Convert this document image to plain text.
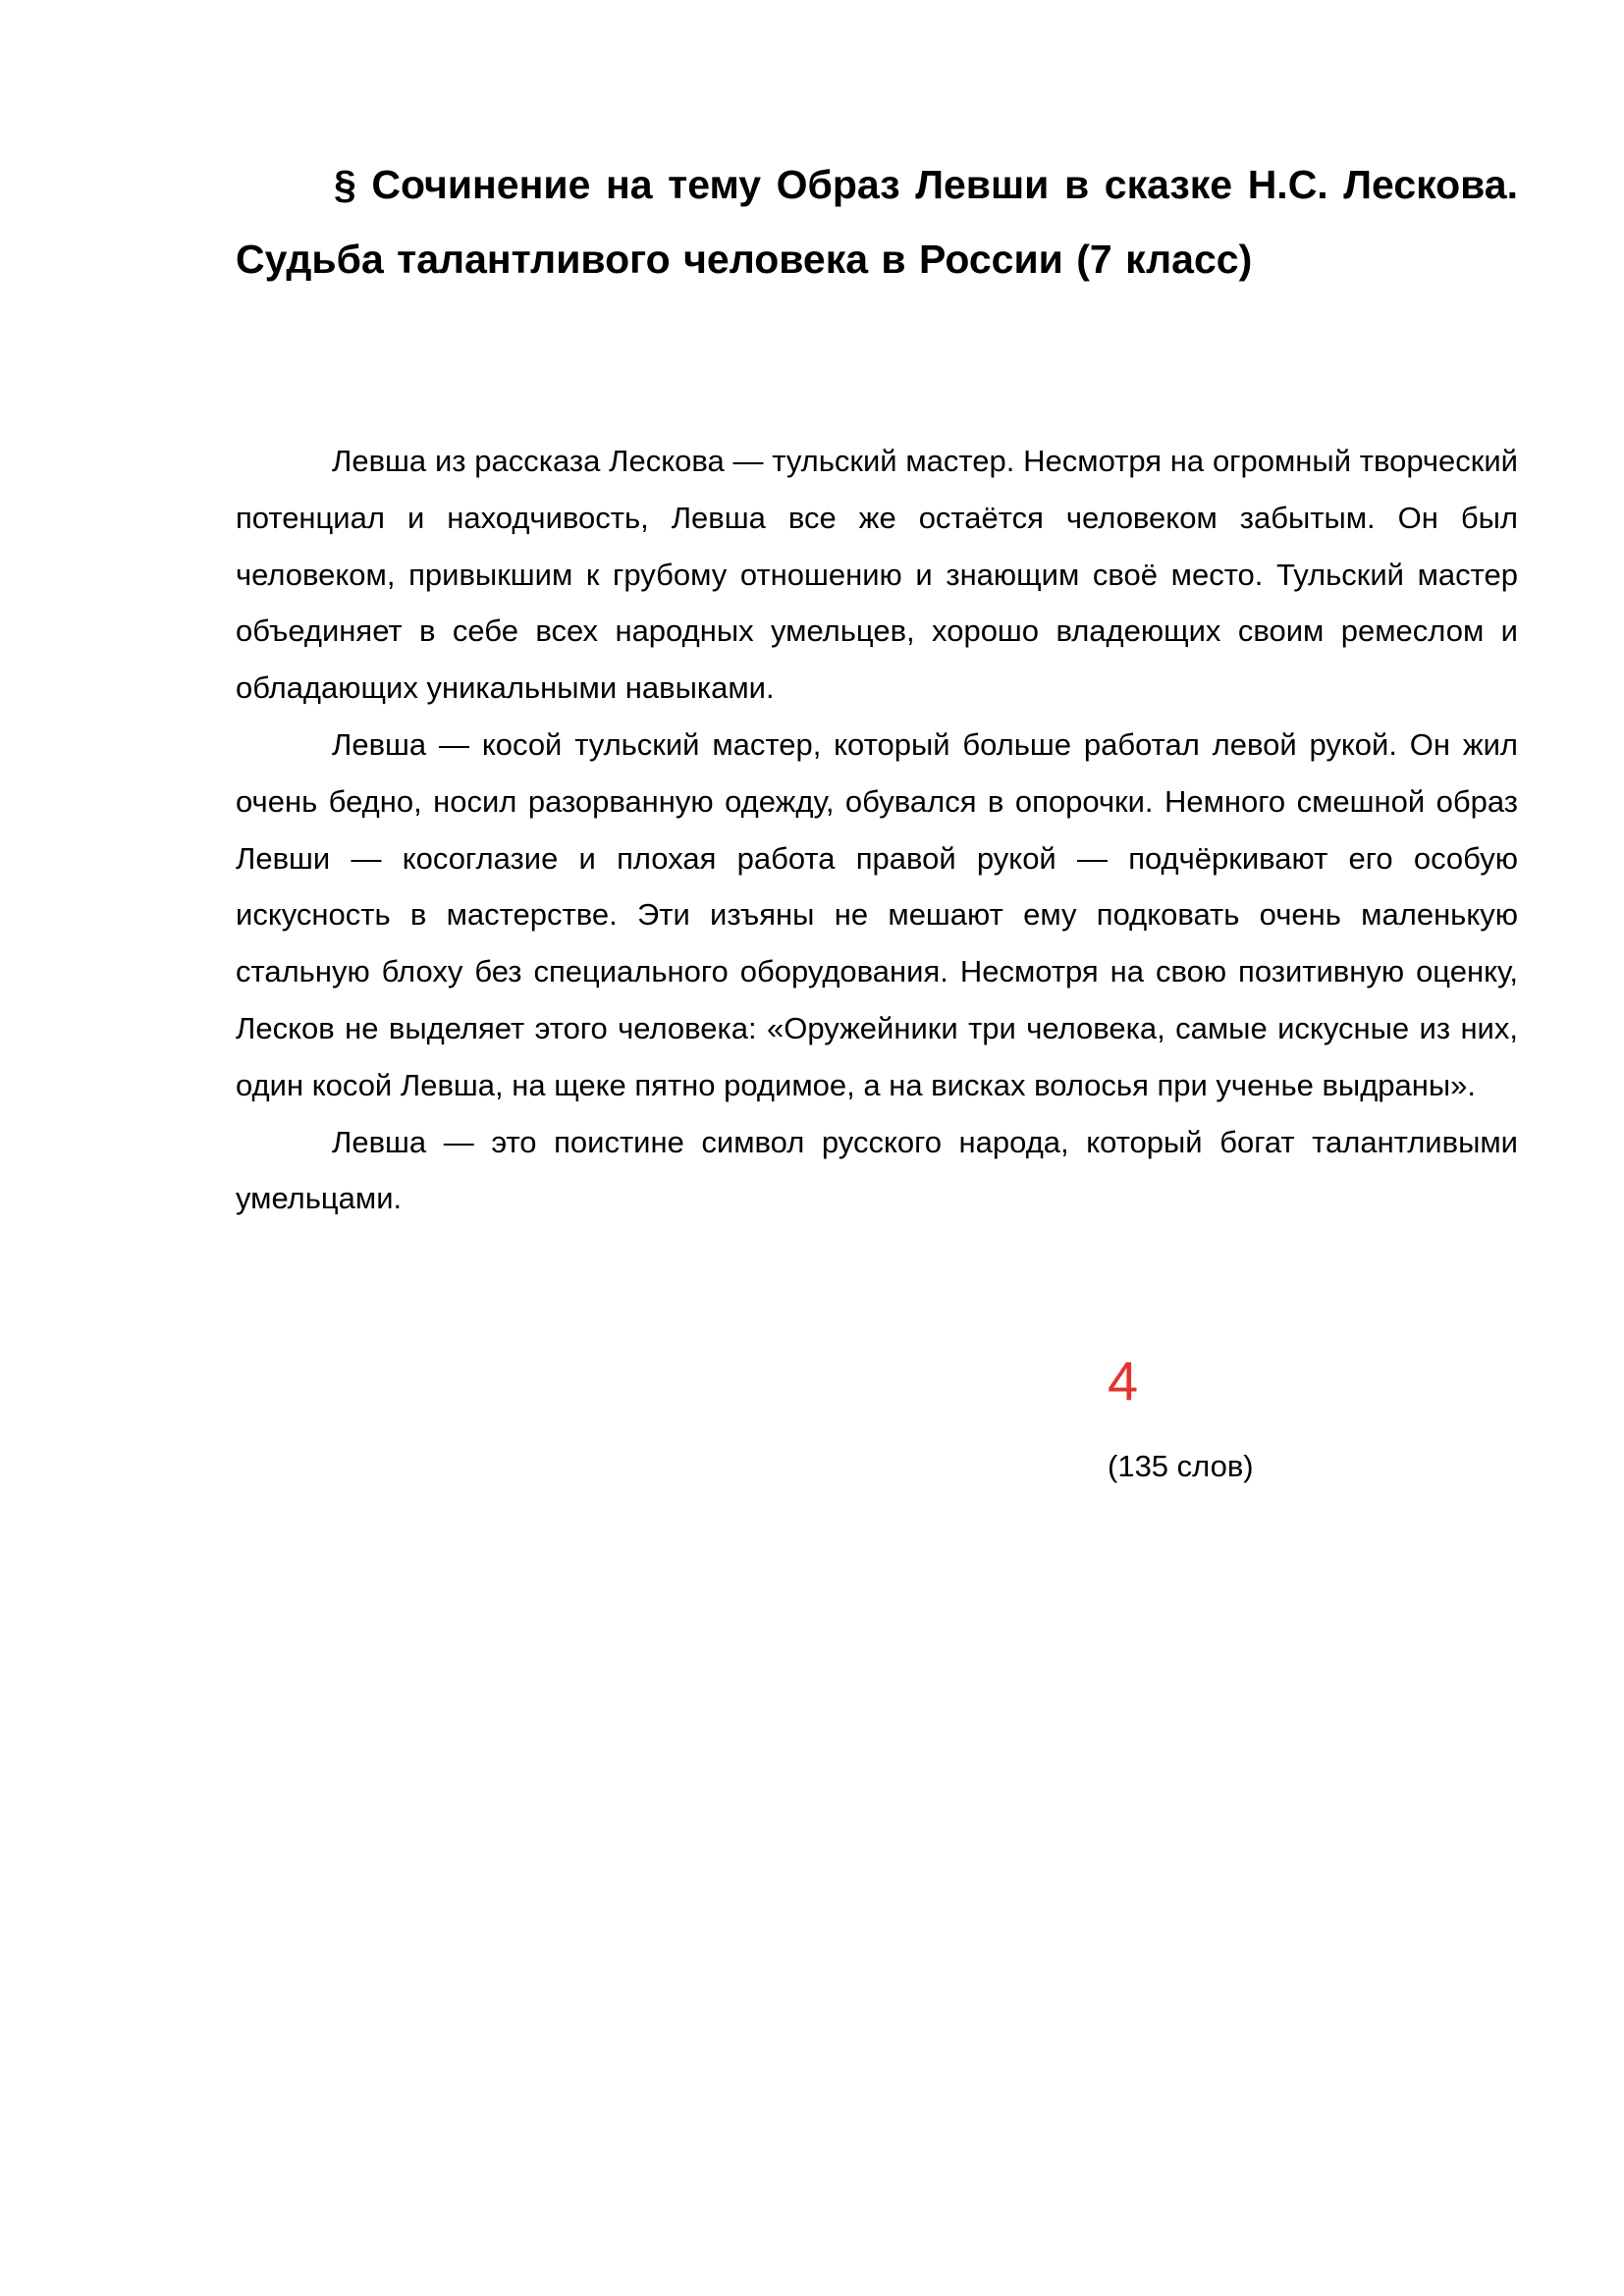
§ Сочинение на тему Образ Левши в сказке Н.С. Лескова. Судьба талантливого человека в России (7 класс)

Левша из рассказа Лескова — тульский мастер. Несмотря на огромный творческий потенциал и находчивость, Левша все же остаётся человеком забытым. Он был человеком, привыкшим к грубому отношению и знающим своё место. Тульский мастер объединяет в себе всех народных умельцев, хорошо владеющих своим ремеслом и обладающих уникальными навыками.

Левша — косой тульский мастер, который больше работал левой рукой. Он жил очень бедно, носил разорванную одежду, обувался в опорочки. Немного смешной образ Левши — косоглазие и плохая работа правой рукой — подчёркивают его особую искусность в мастерстве. Эти изъяны не мешают ему подковать очень маленькую стальную блоху без специального оборудования. Несмотря на свою позитивную оценку, Лесков не выделяет этого человека: «Оружейники три человека, самые искусные из них, один косой Левша, на щеке пятно родимое, а на висках волосья при ученье выдраны».

Левша — это поистине символ русского народа, который богат талантливыми умельцами.

4
(135 слов)
